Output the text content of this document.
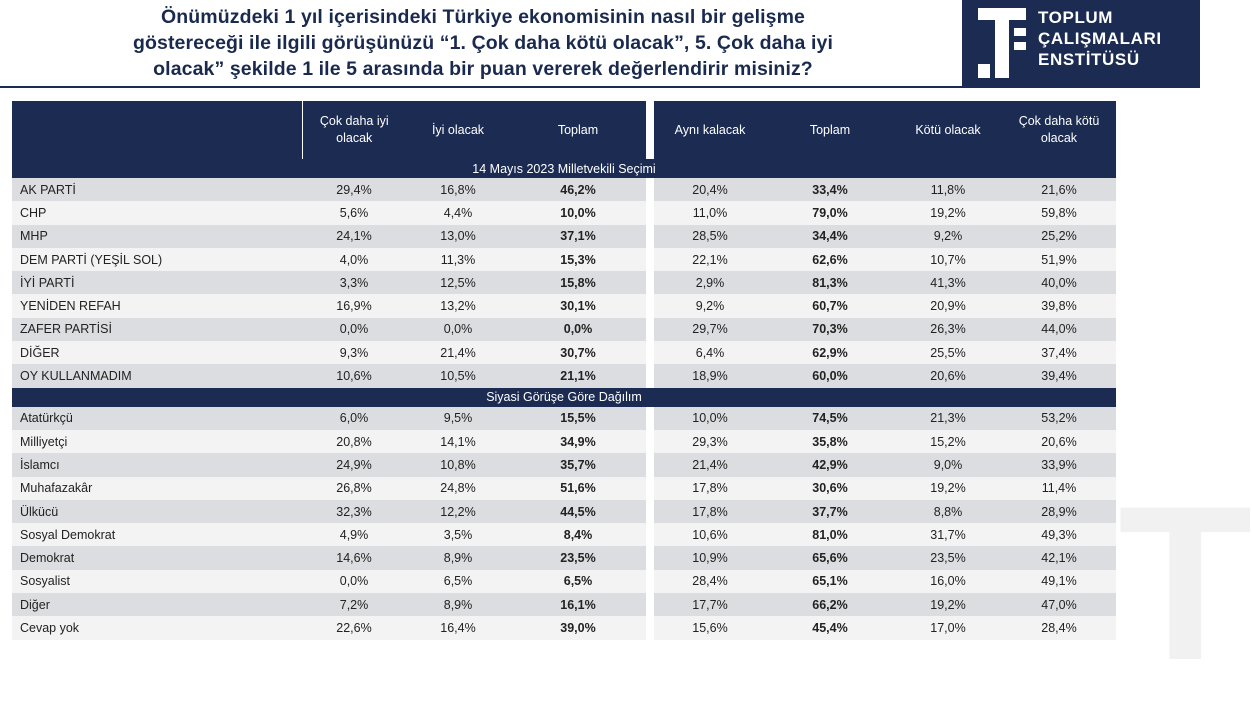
Önümüzdeki 1 yıl içerisindeki Türkiye ekonomisinin nasıl bir gelişme
göstereceği ile ilgili görüşünüzü “1. Çok daha kötü olacak”, 5. Çok daha iyi
olacak” şekilde 1 ile 5 arasında bir puan vererek değerlendirir misiniz?
TOPLUM
ÇALIŞMALARI
ENSTİTÜSÜ
T
	Çok daha iyi olacak	İyi olacak	Toplam		Aynı kalacak	Toplam	Kötü olacak	Çok daha kötü olacak
14 Mayıs 2023 Milletvekili Seçimi								
AK PARTİ	29,4%	16,8%	46,2%		20,4%	33,4%	11,8%	21,6%
CHP	5,6%	4,4%	10,0%		11,0%	79,0%	19,2%	59,8%
MHP	24,1%	13,0%	37,1%		28,5%	34,4%	9,2%	25,2%
DEM PARTİ (YEŞİL SOL)	4,0%	11,3%	15,3%		22,1%	62,6%	10,7%	51,9%
İYİ PARTİ	3,3%	12,5%	15,8%		2,9%	81,3%	41,3%	40,0%
YENİDEN REFAH	16,9%	13,2%	30,1%		9,2%	60,7%	20,9%	39,8%
ZAFER PARTİSİ	0,0%	0,0%	0,0%		29,7%	70,3%	26,3%	44,0%
DİĞER	9,3%	21,4%	30,7%		6,4%	62,9%	25,5%	37,4%
OY KULLANMADIM	10,6%	10,5%	21,1%		18,9%	60,0%	20,6%	39,4%
Siyasi Görüşe Göre Dağılım								
Atatürkçü	6,0%	9,5%	15,5%		10,0%	74,5%	21,3%	53,2%
Milliyetçi	20,8%	14,1%	34,9%		29,3%	35,8%	15,2%	20,6%
İslamcı	24,9%	10,8%	35,7%		21,4%	42,9%	9,0%	33,9%
Muhafazakâr	26,8%	24,8%	51,6%		17,8%	30,6%	19,2%	11,4%
Ülkücü	32,3%	12,2%	44,5%		17,8%	37,7%	8,8%	28,9%
Sosyal Demokrat	4,9%	3,5%	8,4%		10,6%	81,0%	31,7%	49,3%
Demokrat	14,6%	8,9%	23,5%		10,9%	65,6%	23,5%	42,1%
Sosyalist	0,0%	6,5%	6,5%		28,4%	65,1%	16,0%	49,1%
Diğer	7,2%	8,9%	16,1%		17,7%	66,2%	19,2%	47,0%
Cevap yok	22,6%	16,4%	39,0%		15,6%	45,4%	17,0%	28,4%
